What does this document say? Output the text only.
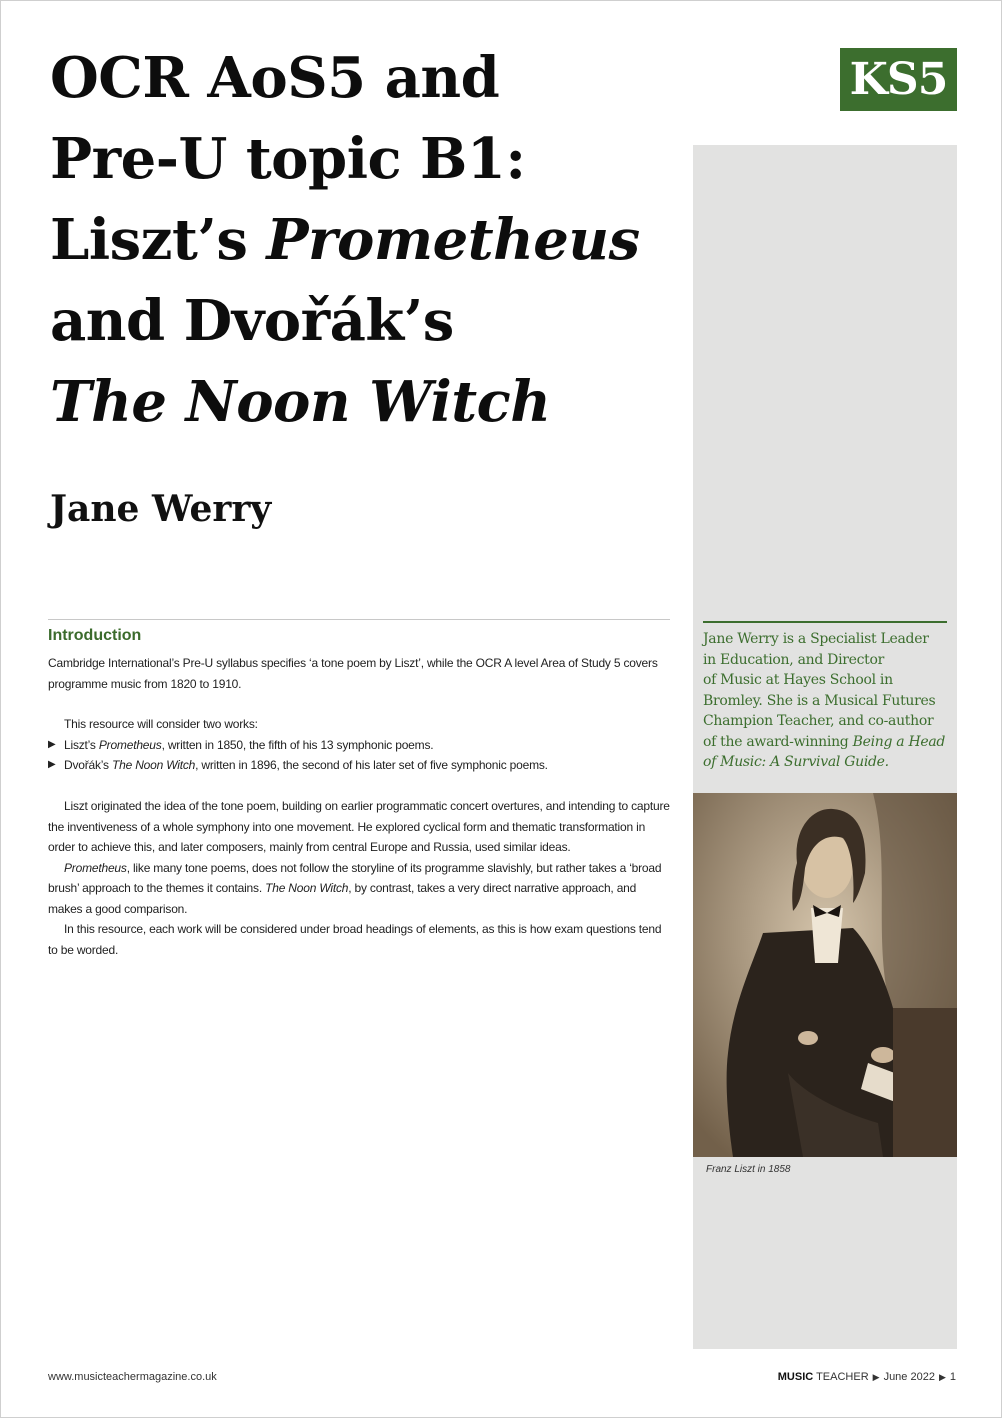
OCR AoS5 and
Pre-U topic B1:
Liszt’s Prometheus
and Dvořák’s
The Noon Witch
Jane Werry
KS5
Introduction

Cambridge International’s Pre-U syllabus specifies ‘a tone poem by Liszt’, while the OCR A level Area of Study 5 covers programme music from 1820 to 1910.

This resource will consider two works:

▶ Liszt’s Prometheus, written in 1850, the fifth of his 13 symphonic poems.
▶ Dvořák’s The Noon Witch, written in 1896, the second of his later set of five symphonic poems.

Liszt originated the idea of the tone poem, building on earlier programmatic concert overtures, and intending to capture the inventiveness of a whole symphony into one movement. He explored cyclical form and thematic transformation in order to achieve this, and later composers, mainly from central Europe and Russia, used similar ideas.

Prometheus, like many tone poems, does not follow the storyline of its programme slavishly, but rather takes a ‘broad brush’ approach to the themes it contains. The Noon Witch, by contrast, takes a very direct narrative approach, and makes a good comparison.

In this resource, each work will be considered under broad headings of elements, as this is how exam questions tend to be worded.

Jane Werry is a Specialist Leader
in Education, and Director
of Music at Hayes School in
Bromley. She is a Musical Futures
Champion Teacher, and co-author
of the award-winning Being a Head
of Music: A Survival Guide.
Franz Liszt in 1858
www.musicteachermagazine.co.uk	MUSIC TEACHER ▶ June 2022 ▶ 1
